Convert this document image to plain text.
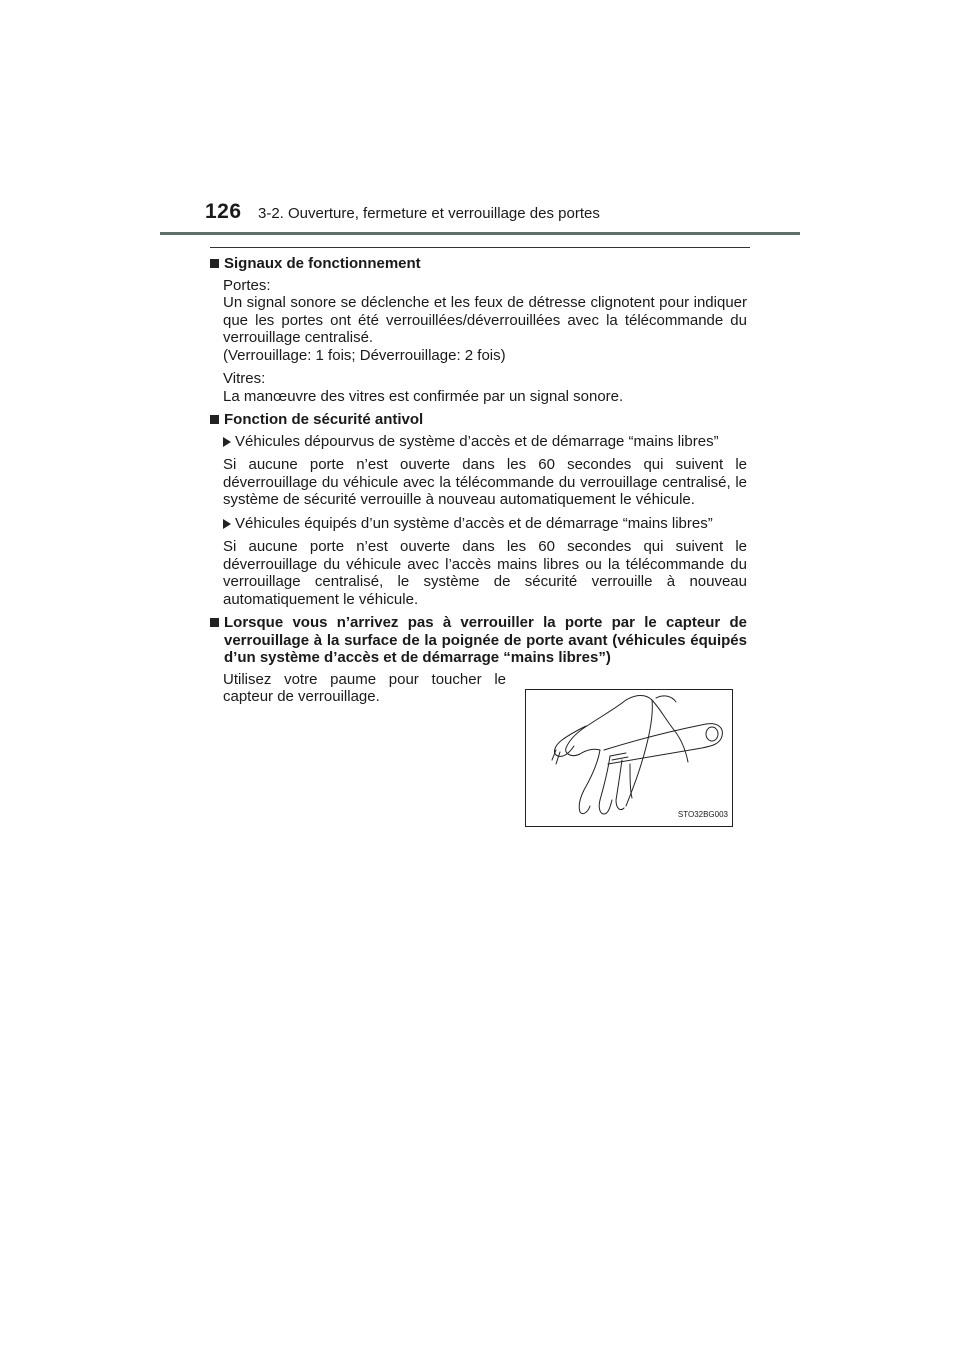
126 3-2. Ouverture, fermeture et verrouillage des portes
Signaux de fonctionnement
Portes:
Un signal sonore se déclenche et les feux de détresse clignotent pour indiquer que les portes ont été verrouillées/déverrouillées avec la télécommande du verrouillage centralisé.
(Verrouillage: 1 fois; Déverrouillage: 2 fois)
Vitres:
La manœuvre des vitres est confirmée par un signal sonore.
Fonction de sécurité antivol
Véhicules dépourvus de système d’accès et de démarrage “mains libres”
Si aucune porte n’est ouverte dans les 60 secondes qui suivent le déverrouillage du véhicule avec la télécommande du verrouillage centralisé, le système de sécurité verrouille à nouveau automatiquement le véhicule.
Véhicules équipés d’un système d’accès et de démarrage “mains libres”
Si aucune porte n’est ouverte dans les 60 secondes qui suivent le déverrouillage du véhicule avec l’accès mains libres ou la télécommande du verrouillage centralisé, le système de sécurité verrouille à nouveau automatiquement le véhicule.
Lorsque vous n’arrivez pas à verrouiller la porte par le capteur de verrouillage à la surface de la poignée de porte avant (véhicules équipés d’un système d’accès et de démarrage “mains libres”)
Utilisez votre paume pour toucher le capteur de verrouillage.
STO32BG003
